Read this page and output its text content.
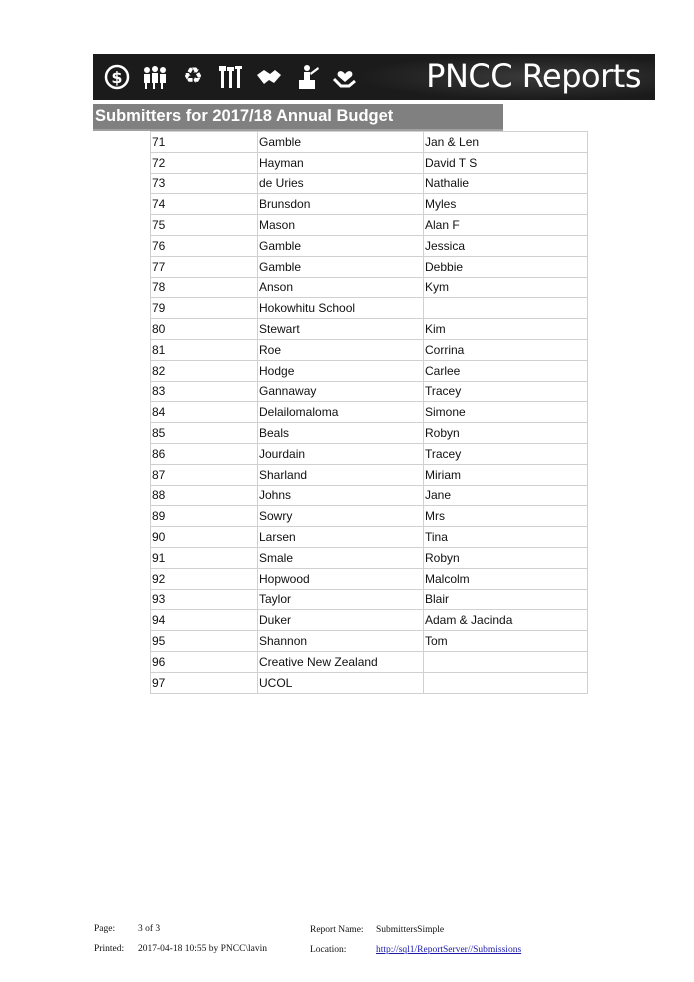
$	♻	PNCC Reports
Submitters for 2017/18 Annual Budget
71	Gamble	Jan & Len
72	Hayman	David T S
73	de Uries	Nathalie
74	Brunsdon	Myles
75	Mason	Alan F
76	Gamble	Jessica
77	Gamble	Debbie
78	Anson	Kym
79	Hokowhitu School	
80	Stewart	Kim
81	Roe	Corrina
82	Hodge	Carlee
83	Gannaway	Tracey
84	Delailomaloma	Simone
85	Beals	Robyn
86	Jourdain	Tracey
87	Sharland	Miriam
88	Johns	Jane
89	Sowry	Mrs
90	Larsen	Tina
91	Smale	Robyn
92	Hopwood	Malcolm
93	Taylor	Blair
94	Duker	Adam & Jacinda
95	Shannon	Tom
96	Creative New Zealand	
97	UCOL	
Page: 3 of 3
Printed: 2017-04-18 10:55 by PNCC\lavin
Report Name: SubmittersSimple
Location:	http://sql1/ReportServer//Submissions
